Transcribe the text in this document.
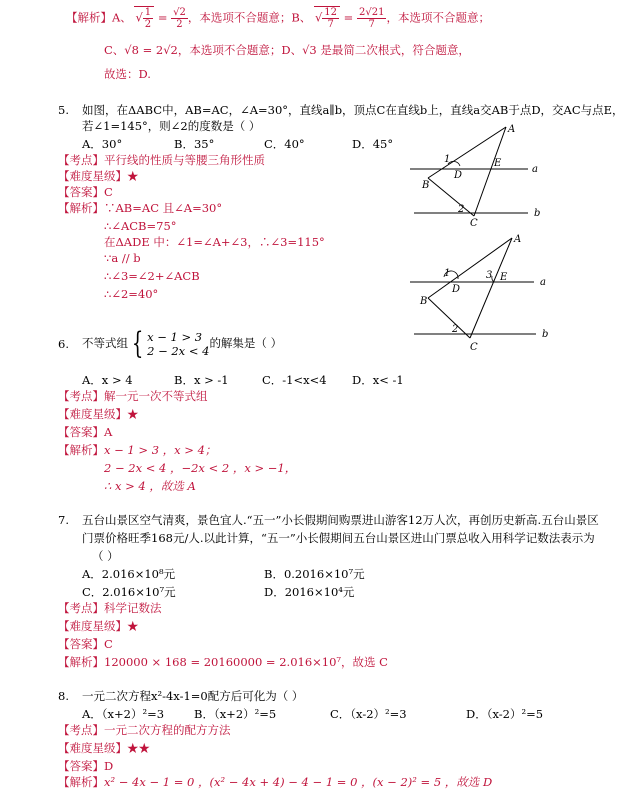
【解析】A、 √ $\frac{1}{2} = \frac{√2}{2}$ ，本选项不合题意；B、 √ $\frac{12}{7} = \frac{2√21}{7}$ ，本选项不合题意；
C、√8 = 2√2，本选项不合题意；D、√3 是最简二次根式，符合题意，
故选：D.
5. 如图，在ΔABC中，AB=AC，∠A=30°，直线a∥b，顶点C在直线b上，直线a交AB于点D，交AC与点E，
若∠1=145°，则∠2的度数是（ ）
A．30°	B．35°	C．40°	D．45°
【考点】平行线的性质与等腰三角形性质
【难度星级】★
【答案】C
【解析】∵AB=AC 且∠A=30°
∴∠ACB=75°
在ΔADE 中：∠1=∠A+∠3，∴∠3=115°
∵a // b
∴∠3=∠2+∠ACB
∴∠2=40°
A
B
C
D
E
a
b
1
2
A
B
C
D
E	a
b
1	3
2
6. 不等式组 { x − 1 > 3
2 − 2x < 4
的解集是（ ）
A．x > 4	B．x > -1	C．-1<x<4 D．x< -1
【考点】解一元一次不等式组
【难度星级】★
【答案】A
【解析】x − 1 > 3 ，x > 4；
2 − 2x < 4 ，−2x < 2 ，x > −1，
∴ x > 4 ，故选 A
7. 五台山景区空气清爽，景色宜人.“五一”小长假期间购票进山游客12万人次，再创历史新高.五台山景区
门票价格旺季168元/人.以此计算，“五一”小长假期间五台山景区进山门票总收入用科学记数法表示为
（ ）
A．2.016×10⁸元	B．0.2016×10⁷元
C．2.016×10⁷元	D．2016×10⁴元
【考点】科学记数法
【难度星级】★
【答案】C
【解析】120000 × 168 = 20160000 = 2.016×10⁷，故选 C
8. 一元二次方程x²-4x-1=0配方后可化为（ ）
A．（x+2）²=3	B．（x+2）²=5	C．（x-2）²=3	D．（x-2）²=5
【考点】一元二次方程的配方方法
【难度星级】★★
【答案】D
【解析】x² − 4x − 1 = 0 ，(x² − 4x + 4) − 4 − 1 = 0 ，(x − 2)² = 5 ，故选 D
